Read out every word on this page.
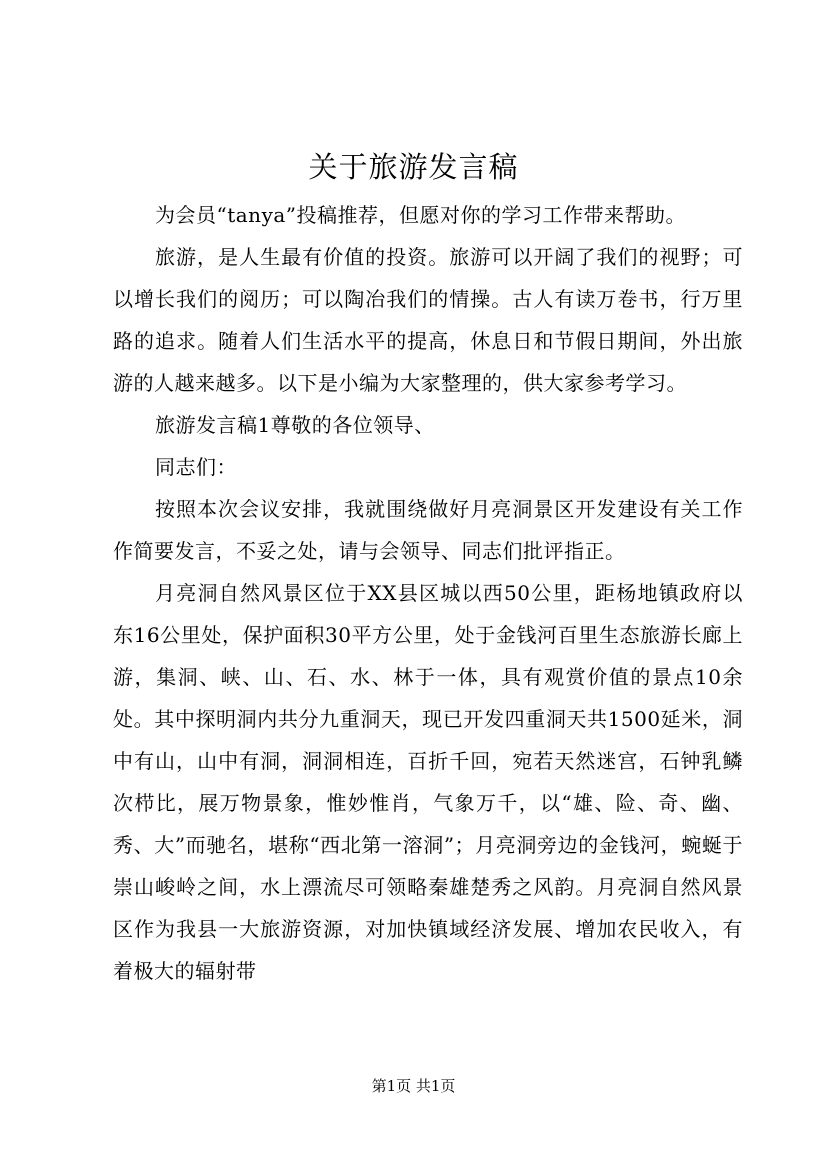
关于旅游发言稿

为会员“tanya”投稿推荐，但愿对你的学习工作带来帮助。

旅游，是人生最有价值的投资。旅游可以开阔了我们的视野；可以增长我们的阅历；可以陶冶我们的情操。古人有读万卷书，行万里路的追求。随着人们生活水平的提高，休息日和节假日期间，外出旅游的人越来越多。以下是小编为大家整理的，供大家参考学习。

旅游发言稿1尊敬的各位领导、

同志们：

按照本次会议安排，我就围绕做好月亮洞景区开发建设有关工作作简要发言，不妥之处，请与会领导、同志们批评指正。

月亮洞自然风景区位于XX县区城以西50公里，距杨地镇政府以东16公里处，保护面积30平方公里，处于金钱河百里生态旅游长廊上游，集洞、峡、山、石、水、林于一体，具有观赏价值的景点10余处。其中探明洞内共分九重洞天，现已开发四重洞天共1500延米，洞中有山，山中有洞，洞洞相连，百折千回，宛若天然迷宫，石钟乳鳞次栉比，展万物景象，惟妙惟肖，气象万千，以“雄、险、奇、幽、秀、大”而驰名，堪称“西北第一溶洞”；月亮洞旁边的金钱河，蜿蜒于崇山峻岭之间，水上漂流尽可领略秦雄楚秀之风韵。月亮洞自然风景区作为我县一大旅游资源，对加快镇域经济发展、增加农民收入，有着极大的辐射带

第1页 共1页
